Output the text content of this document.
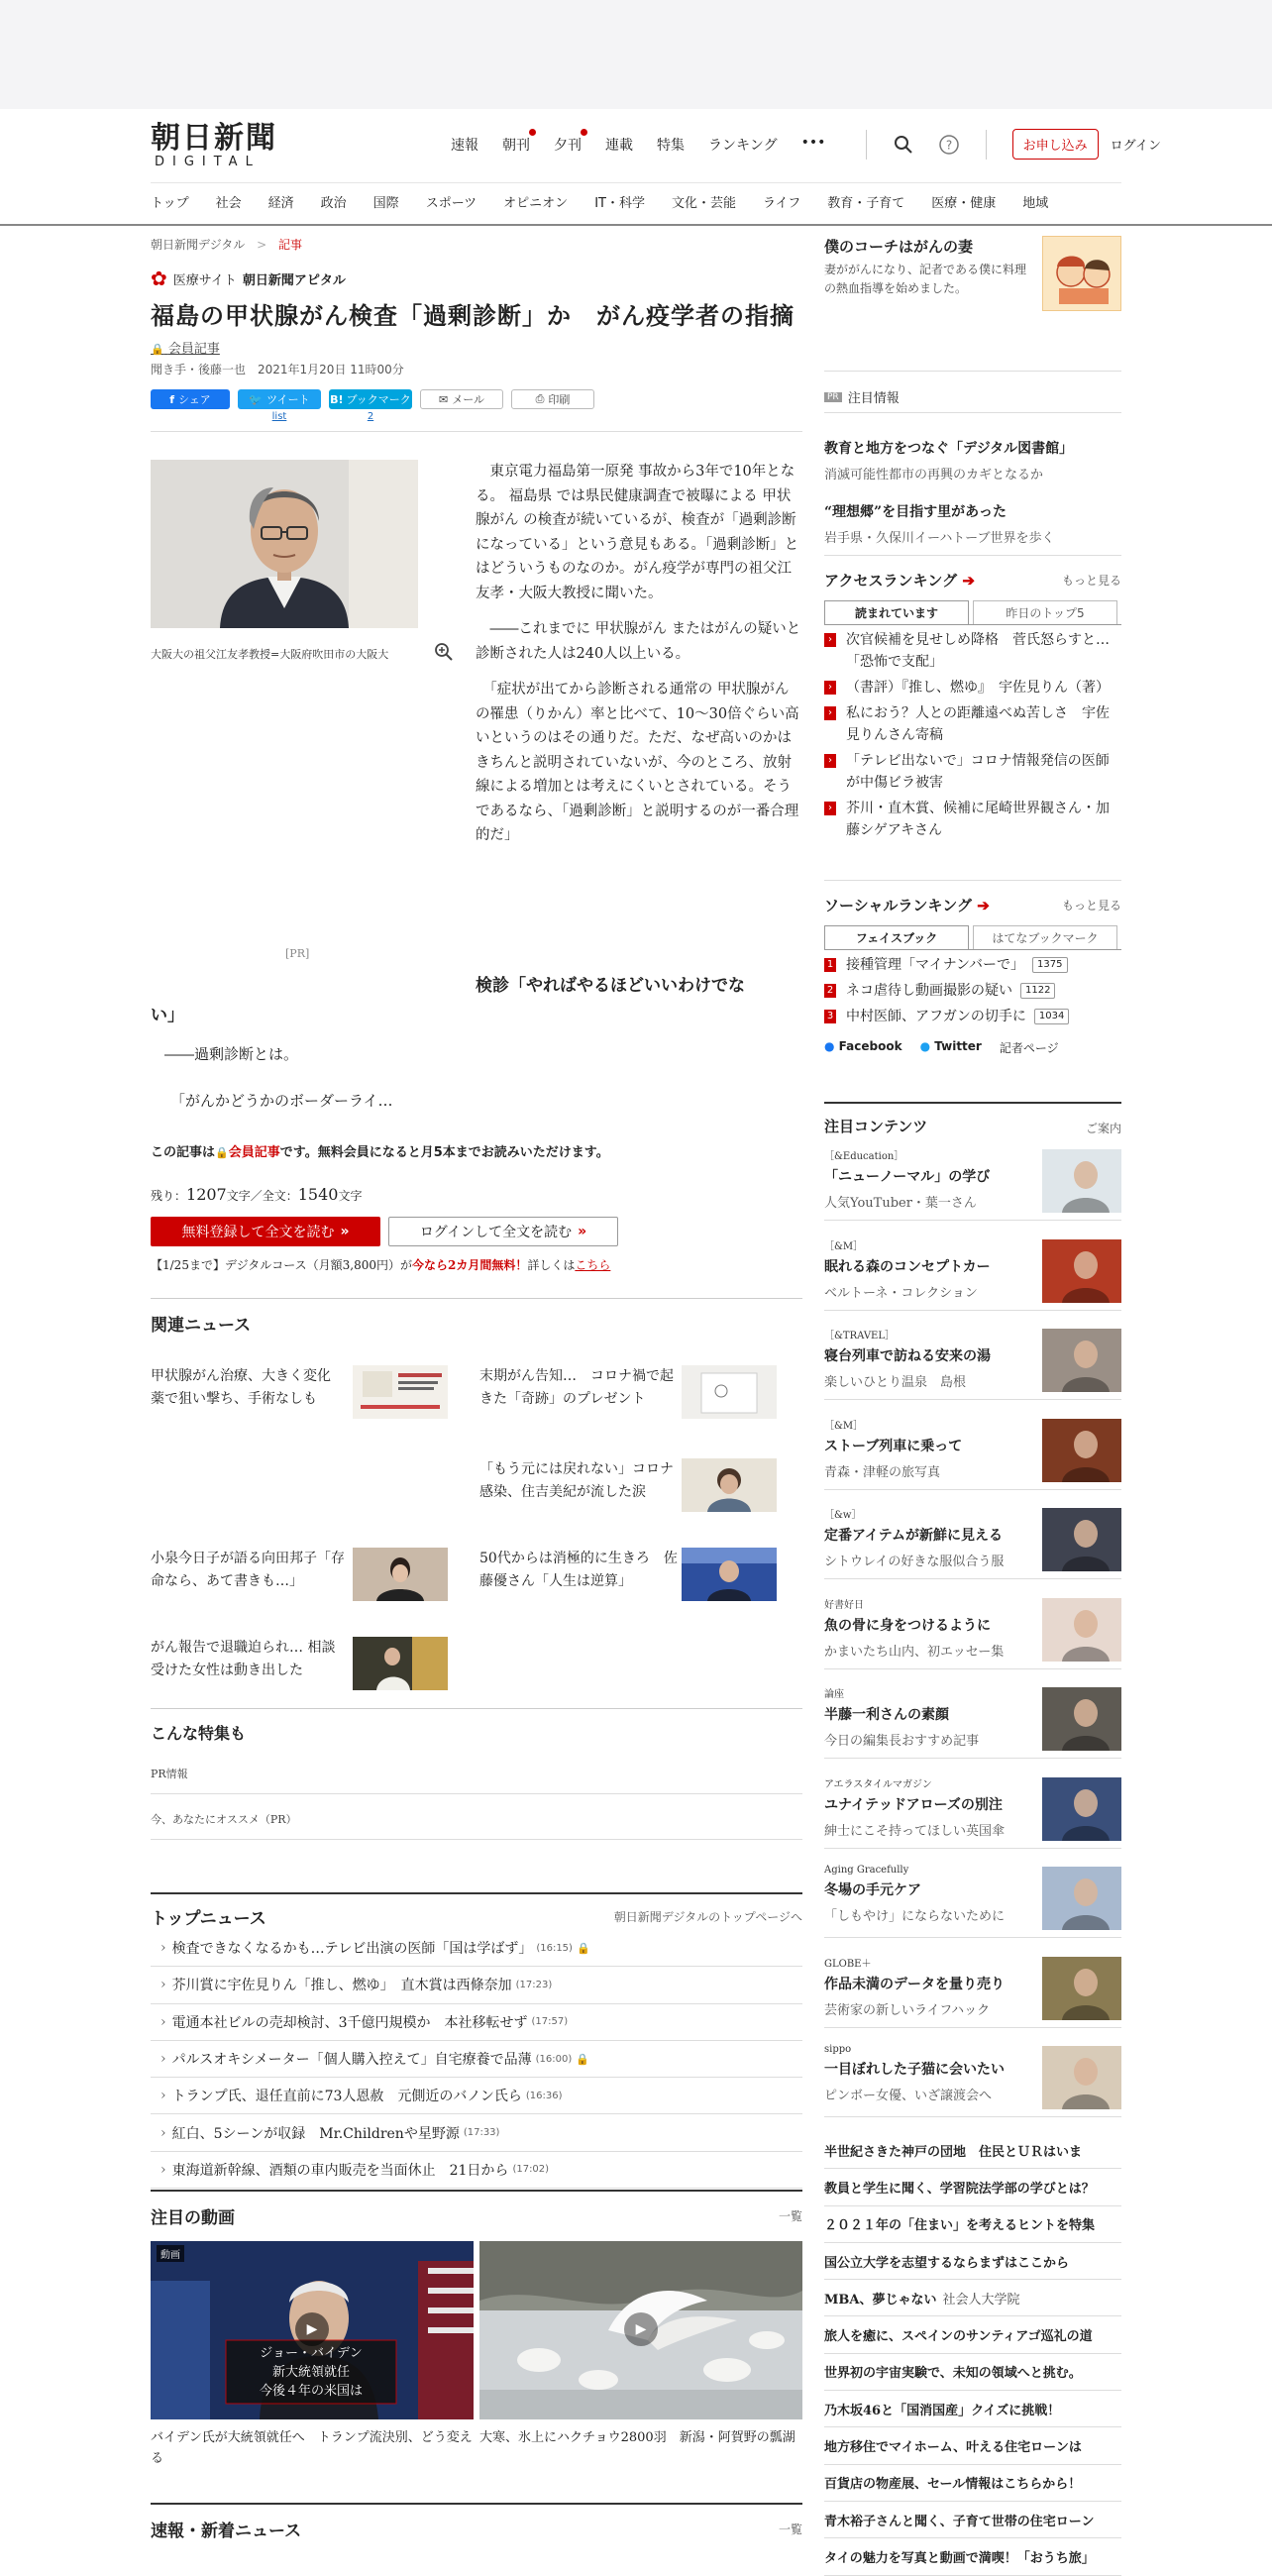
朝日新聞
DIGITAL
速報 朝刊 夕刊 連載 特集 ランキング •••	?	お申し込み	ログイン
トップ 社会 経済 政治 国際 スポーツ オピニオン IT・科学 文化・芸能 ライフ 教育・子育て 医療・健康 地域
朝日新聞デジタル > 記事
✿ 医療サイト 朝日新聞アピタル
福島の甲状腺がん検査「過剰診断」か　がん疫学者の指摘
🔒 会員記事
聞き手・後藤一也　2021年1月20日 11時00分
f シェア	🐦 ツイート
list
B! ブックマーク
2
✉ メール	⎙ 印刷
大阪大の祖父江友孝教授=大阪府吹田市の大阪大

　東京電力福島第一原発 事故から3年で10年となる。 福島県 では県民健康調査で被曝による 甲状腺がん の検査が続いているが、検査が「過剰診断になっている」という意見もある。「過剰診断」とはどういうものなのか。がん疫学が専門の祖父江友孝・大阪大教授に聞いた。

　――これまでに 甲状腺がん またはがんの疑いと診断された人は240人以上いる。

　「症状が出てから診断される通常の 甲状腺がん の罹患（りかん）率と比べて、10～30倍ぐらい高いというのはその通りだ。ただ、なぜ高いのかはきちんと説明されていないが、今のところ、放射線による増加とは考えにくいとされている。そうであるなら、「過剰診断」と説明するのが一番合理的だ」

[PR]
検診「やればやるほどいいわけでな
い」
――過剰診断とは。
「がんかどうかのボーダーライ…
この記事は🔒会員記事です。無料会員になると月5本までお読みいただけます。
残り：1207文字／全文：1540文字
無料登録して全文を読む »	ログインして全文を読む »
【1/25まで】デジタルコース（月額3,800円）が今なら2カ月間無料！詳しくはこちら
関連ニュース
甲状腺がん治療、大きく変化　薬で狙い撃ち、手術なしも
末期がん告知…　コロナ禍で起きた「奇跡」のプレゼント
「もう元には戻れない」コロナ感染、住吉美紀が流した涙
小泉今日子が語る向田邦子「存命なら、あて書きも…」
50代からは消極的に生きろ　佐藤優さん「人生は逆算」
がん報告で退職迫られ… 相談受けた女性は動き出した
こんな特集も
PR情報
今、あなたにオススメ（PR）
トップニュース	朝日新聞デジタルのトップページへ
› 検査できなくなるかも…テレビ出演の医師「国は学ばず」 (16:15) 🔒
› 芥川賞に宇佐見りん「推し、燃ゆ」　直木賞は西條奈加 (17:23)
› 電通本社ビルの売却検討、3千億円規模か　本社移転せず (17:57)
› パルスオキシメーター「個人購入控えて」自宅療養で品薄 (16:00) 🔒
› トランプ氏、退任直前に73人恩赦　元側近のバノン氏ら (16:36)
› 紅白、5シーンが収録　Mr.Childrenや星野源 (17:33)
› 東海道新幹線、酒類の車内販売を当面休止　21日から (17:02)
注目の動画	一覧
動画
ジョー・バイデン
新大統領就任
今後４年の米国は
▶	▶
バイデン氏が大統領就任へ　トランプ流決別、どう変える
大寒、氷上にハクチョウ2800羽　新潟・阿賀野の瓢湖
速報・新着ニュース	一覧
僕のコーチはがんの妻
妻ががんになり、記者である僕に料理の熱血指導を始めました。
PR 注目情報
教育と地方をつなぐ「デジタル図書館」
消滅可能性都市の再興のカギとなるか
“理想郷”を目指す里があった
岩手県・久保川イーハトーブ世界を歩く
アクセスランキング ➔	もっと見る
読まれています	昨日のトップ5
› 次官候補を見せしめ降格　菅氏怒らすと…「恐怖で支配」
› （書評）『推し、燃ゆ』　宇佐見りん（著）
› 私におう？人との距離遠べぬ苦しさ　宇佐見りんさん寄稿
› 「テレビ出ないで」コロナ情報発信の医師が中傷ビラ被害
› 芥川・直木賞、候補に尾崎世界観さん・加藤シゲアキさん
ソーシャルランキング ➔	もっと見る
フェイスブック	はてなブックマーク
1 接種管理「マイナンバーで」	1375
2 ネコ虐待し動画撮影の疑い	1122
3 中村医師、アフガンの切手に	1034
● Facebook ● Twitter 記者ページ
注目コンテンツ	ご案内
［&Education］
「ニューノーマル」の学び
人気YouTuber・葉一さん
［&M］
眠れる森のコンセプトカー
ベルトーネ・コレクション
［&TRAVEL］
寝台列車で訪ねる安来の湯
楽しいひとり温泉　島根
［&M］
ストーブ列車に乗って
青森・津軽の旅写真
［&w］
定番アイテムが新鮮に見える
シトウレイの好きな服似合う服
好書好日
魚の骨に身をつけるように
かまいたち山内、初エッセー集
論座
半藤一利さんの素顔
今日の編集長おすすめ記事
アエラスタイルマガジン
ユナイテッドアローズの別注
紳士にこそ持ってほしい英国傘
Aging Gracefully
冬場の手元ケア
「しもやけ」にならないために
GLOBE＋
作品未満のデータを量り売り
芸術家の新しいライフハック
sippo
一目ぼれした子猫に会いたい
ピンボー女優、いざ譲渡会へ
半世紀さきた神戸の団地　住民とＵＲはいま
教員と学生に聞く、学習院法学部の学びとは？
２０２１年の「住まい」を考えるヒントを特集
国公立大学を志望するならまずはここから
MBA、夢じゃない 社会人大学院
旅人を癒に、スペインのサンティアゴ巡礼の道
世界初の宇宙実験で、未知の領域へと挑む。
乃木坂46と「国消国産」クイズに挑戦！
地方移住でマイホーム、叶える住宅ローンは
百貨店の物産展、セール情報はこちらから！
青木裕子さんと聞く、子育て世帯の住宅ローン
タイの魅力を写真と動画で満喫！「おうち旅」
